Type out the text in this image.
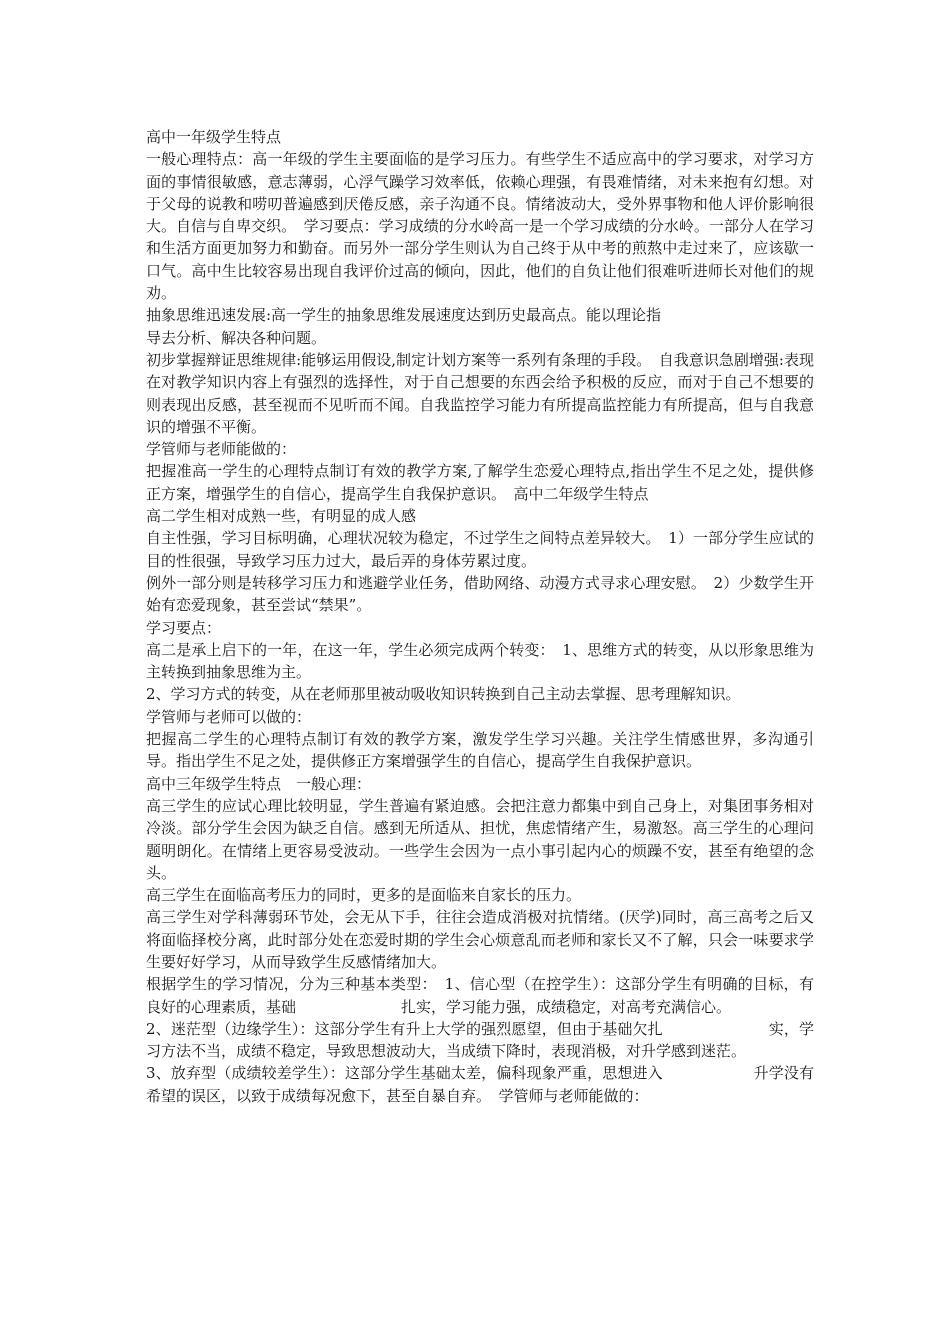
高中一年级学生特点

一般心理特点：高一年级的学生主要面临的是学习压力。有些学生不适应高中的学习要求，对学习方面的事情很敏感，意志薄弱，心浮气躁学习效率低，依赖心理强，有畏难情绪，对未来抱有幻想。对于父母的说教和唠叨普遍感到厌倦反感，亲子沟通不良。情绪波动大，受外界事物和他人评价影响很大。自信与自卑交织。　学习要点：学习成绩的分水岭高一是一个学习成绩的分水岭。一部分人在学习和生活方面更加努力和勤奋。而另外一部分学生则认为自己终于从中考的煎熬中走过来了，应该歇一口气。高中生比较容易出现自我评价过高的倾向，因此，他们的自负让他们很难听进师长对他们的规劝。

抽象思维迅速发展:高一学生的抽象思维发展速度达到历史最高点。能以理论指

导去分析、解决各种问题。

初步掌握辩证思维规律:能够运用假设,制定计划方案等一系列有条理的手段。　自我意识急剧增强:表现在对教学知识内容上有强烈的选择性，对于自己想要的东西会给予积极的反应，而对于自己不想要的则表现出反感，甚至视而不见听而不闻。自我监控学习能力有所提高监控能力有所提高，但与自我意识的增强不平衡。

学管师与老师能做的：

把握准高一学生的心理特点制订有效的教学方案,了解学生恋爱心理特点,指出学生不足之处，提供修正方案，增强学生的自信心，提高学生自我保护意识。　高中二年级学生特点

高二学生相对成熟一些，有明显的成人感

自主性强，学习目标明确，心理状况较为稳定，不过学生之间特点差异较大。　1）一部分学生应试的目的性很强，导致学习压力过大，最后弄的身体劳累过度。

例外一部分则是转移学习压力和逃避学业任务，借助网络、动漫方式寻求心理安慰。　2）少数学生开始有恋爱现象，甚至尝试“禁果”。

学习要点：

高二是承上启下的一年，在这一年，学生必须完成两个转变：　1、思维方式的转变，从以形象思维为主转换到抽象思维为主。

2、学习方式的转变，从在老师那里被动吸收知识转换到自己主动去掌握、思考理解知识。

学管师与老师可以做的：

把握高二学生的心理特点制订有效的教学方案，激发学生学习兴趣。关注学生情感世界，多沟通引导。指出学生不足之处，提供修正方案增强学生的自信心，提高学生自我保护意识。

高中三年级学生特点　一般心理：

高三学生的应试心理比较明显，学生普遍有紧迫感。会把注意力都集中到自己身上，对集团事务相对冷淡。部分学生会因为缺乏自信。感到无所适从、担忧，焦虑情绪产生，易激怒。高三学生的心理问题明朗化。在情绪上更容易受波动。一些学生会因为一点小事引起内心的烦躁不安，甚至有绝望的念头。

高三学生在面临高考压力的同时，更多的是面临来自家长的压力。

高三学生对学科薄弱环节处，会无从下手，往往会造成消极对抗情绪。(厌学)同时，高三高考之后又将面临择校分离，此时部分处在恋爱时期的学生会心烦意乱而老师和家长又不了解，只会一味要求学生要好好学习，从而导致学生反感情绪加大。

根据学生的学习情况，分为三种基本类型：　1、信心型（在控学生）：这部分学生有明确的目标，有良好的心理素质，基础　　　　　　　扎实，学习能力强，成绩稳定，对高考充满信心。

2、迷茫型（边缘学生）：这部分学生有升上大学的强烈愿望，但由于基础欠扎　　　　　　　实，学习方法不当，成绩不稳定，导致思想波动大，当成绩下降时，表现消极，对升学感到迷茫。

3、放弃型（成绩较差学生）：这部分学生基础太差，偏科现象严重，思想进入　　　　　　升学没有希望的误区，以致于成绩每况愈下，甚至自暴自弃。　学管师与老师能做的：
